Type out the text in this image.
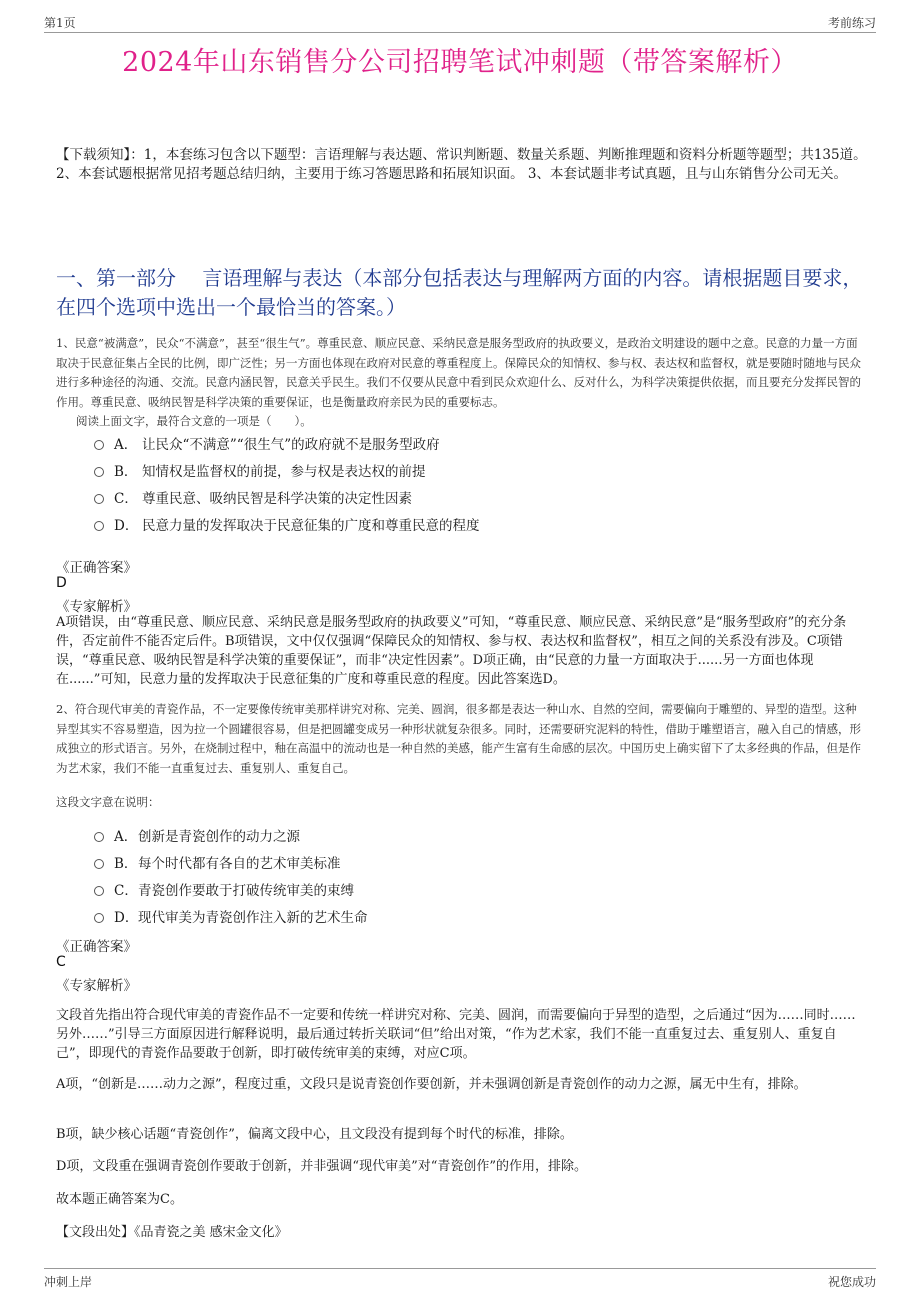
第1页	考前练习
2024年山东销售分公司招聘笔试冲刺题（带答案解析）
【下载须知】：1，本套练习包含以下题型：言语理解与表达题、常识判断题、数量关系题、判断推理题和资料分析题等题型；共135道。 2、本套试题根据常见招考题总结归纳，主要用于练习答题思路和拓展知识面。 3、本套试题非考试真题，且与山东销售分公司无关。
一、第一部分　 言语理解与表达（本部分包括表达与理解两方面的内容。请根据题目要求，在四个选项中选出一个最恰当的答案。）
1、民意“被满意”，民众“不满意”，甚至“很生气”。尊重民意、顺应民意、采纳民意是服务型政府的执政要义，是政治文明建设的题中之意。民意的力量一方面取决于民意征集占全民的比例，即广泛性；另一方面也体现在政府对民意的尊重程度上。保障民众的知情权、参与权、表达权和监督权，就是要随时随地与民众进行多种途径的沟通、交流。民意内涵民智，民意关乎民生。我们不仅要从民意中看到民众欢迎什么、反对什么，为科学决策提供依据，而且要充分发挥民智的作用。尊重民意、吸纳民智是科学决策的重要保证，也是衡量政府亲民为民的重要标志。
阅读上面文字，最符合文意的一项是（　　）。
A． 让民众“不满意”“很生气”的政府就不是服务型政府
B． 知情权是监督权的前提，参与权是表达权的前提
C． 尊重民意、吸纳民智是科学决策的决定性因素
D． 民意力量的发挥取决于民意征集的广度和尊重民意的程度
《正确答案》
D
《专家解析》
A项错误，由“尊重民意、顺应民意、采纳民意是服务型政府的执政要义”可知，“尊重民意、顺应民意、采纳民意”是“服务型政府”的充分条件，否定前件不能否定后件。B项错误，文中仅仅强调“保障民众的知情权、参与权、表达权和监督权”，相互之间的关系没有涉及。C项错误，“尊重民意、吸纳民智是科学决策的重要保证”，而非“决定性因素”。D项正确，由“民意的力量一方面取决于......另一方面也体现在......”可知，民意力量的发挥取决于民意征集的广度和尊重民意的程度。因此答案选D。
2、符合现代审美的青瓷作品，不一定要像传统审美那样讲究对称、完美、圆润，很多都是表达一种山水、自然的空间，需要偏向于雕塑的、异型的造型。这种异型其实不容易塑造，因为拉一个圆罐很容易，但是把圆罐变成另一种形状就复杂很多。同时，还需要研究泥料的特性，借助于雕塑语言，融入自己的情感，形成独立的形式语言。另外，在烧制过程中，釉在高温中的流动也是一种自然的美感，能产生富有生命感的层次。中国历史上确实留下了太多经典的作品，但是作为艺术家，我们不能一直重复过去、重复别人、重复自己。
这段文字意在说明：
A． 创新是青瓷创作的动力之源
B． 每个时代都有各自的艺术审美标准
C． 青瓷创作要敢于打破传统审美的束缚
D． 现代审美为青瓷创作注入新的艺术生命
《正确答案》
C
《专家解析》
文段首先指出符合现代审美的青瓷作品不一定要和传统一样讲究对称、完美、圆润，而需要偏向于异型的造型，之后通过“因为……同时……另外……”引导三方面原因进行解释说明，最后通过转折关联词“但”给出对策，“作为艺术家，我们不能一直重复过去、重复别人、重复自己”，即现代的青瓷作品要敢于创新，即打破传统审美的束缚，对应C项。
A项，“创新是……动力之源”，程度过重，文段只是说青瓷创作要创新，并未强调创新是青瓷创作的动力之源，属无中生有，排除。
B项，缺少核心话题“青瓷创作”，偏离文段中心，且文段没有提到每个时代的标准，排除。
D项，文段重在强调青瓷创作要敢于创新，并非强调“现代审美”对“青瓷创作”的作用，排除。
故本题正确答案为C。
【文段出处】《品青瓷之美 感宋金文化》
冲刺上岸	祝您成功
